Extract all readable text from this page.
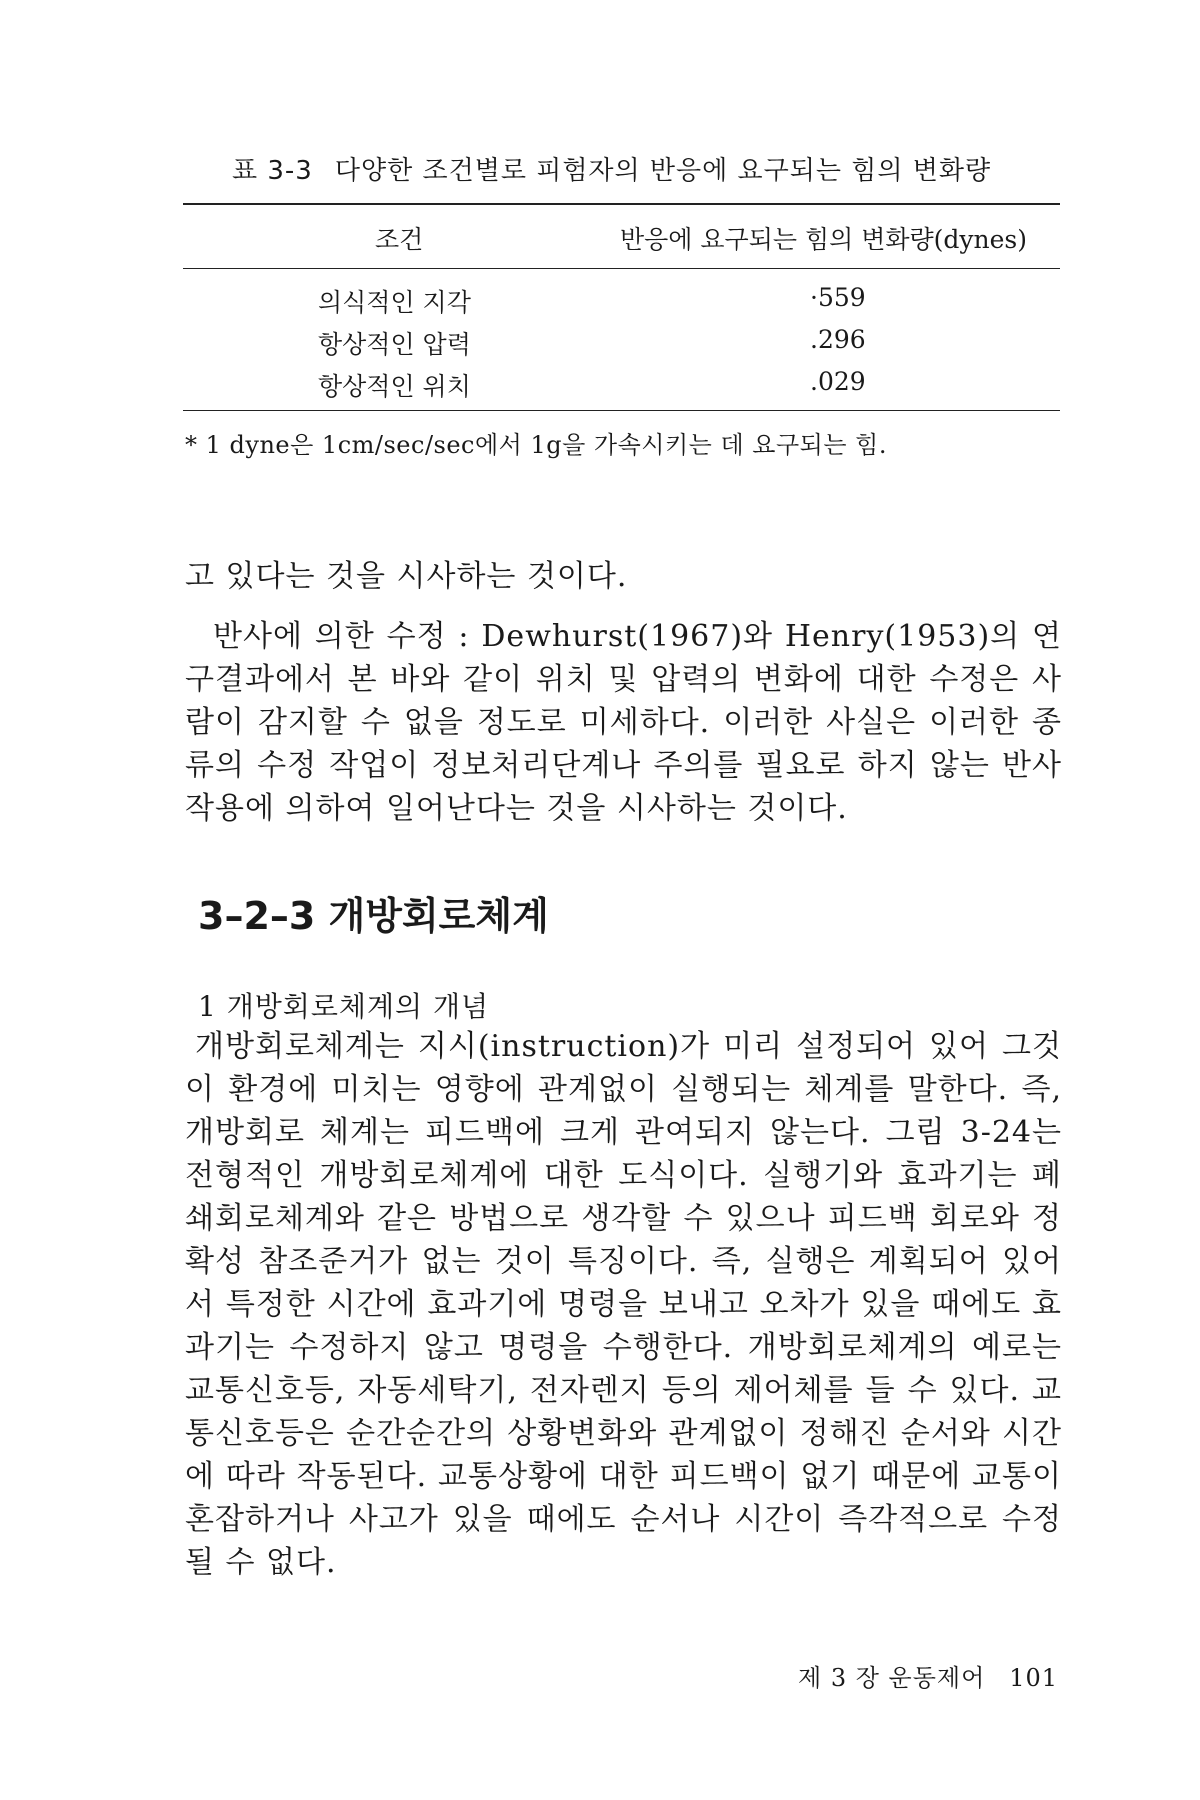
표 3-3 다양한 조건별로 피험자의 반응에 요구되는 힘의 변화량
조건	반응에 요구되는 힘의 변화량(dynes)
의식적인 지각	·559
항상적인 압력	.296
항상적인 위치	.029
* 1 dyne은 1cm/sec/sec에서 1g을 가속시키는 데 요구되는 힘.
고 있다는 것을 시사하는 것이다.
반사에 의한 수정 : Dewhurst(1967)와 Henry(1953)의 연구결과에서 본 바와 같이 위치 및 압력의 변화에 대한 수정은 사람이 감지할 수 없을 정도로 미세하다. 이러한 사실은 이러한 종류의 수정 작업이 정보처리단계나 주의를 필요로 하지 않는 반사작용에 의하여 일어난다는 것을 시사하는 것이다.
3–2–3 개방회로체계
1 개방회로체계의 개념
개방회로체계는 지시(instruction)가 미리 설정되어 있어 그것이 환경에 미치는 영향에 관계없이 실행되는 체계를 말한다. 즉, 개방회로 체계는 피드백에 크게 관여되지 않는다. 그림 3-24는 전형적인 개방회로체계에 대한 도식이다. 실행기와 효과기는 폐쇄회로체계와 같은 방법으로 생각할 수 있으나 피드백 회로와 정확성 참조준거가 없는 것이 특징이다. 즉, 실행은 계획되어 있어서 특정한 시간에 효과기에 명령을 보내고 오차가 있을 때에도 효과기는 수정하지 않고 명령을 수행한다. 개방회로체계의 예로는 교통신호등, 자동세탁기, 전자렌지 등의 제어체를 들 수 있다. 교통신호등은 순간순간의 상황변화와 관계없이 정해진 순서와 시간에 따라 작동된다. 교통상황에 대한 피드백이 없기 때문에 교통이 혼잡하거나 사고가 있을 때에도 순서나 시간이 즉각적으로 수정될 수 없다.
제 3 장 운동제어 101
